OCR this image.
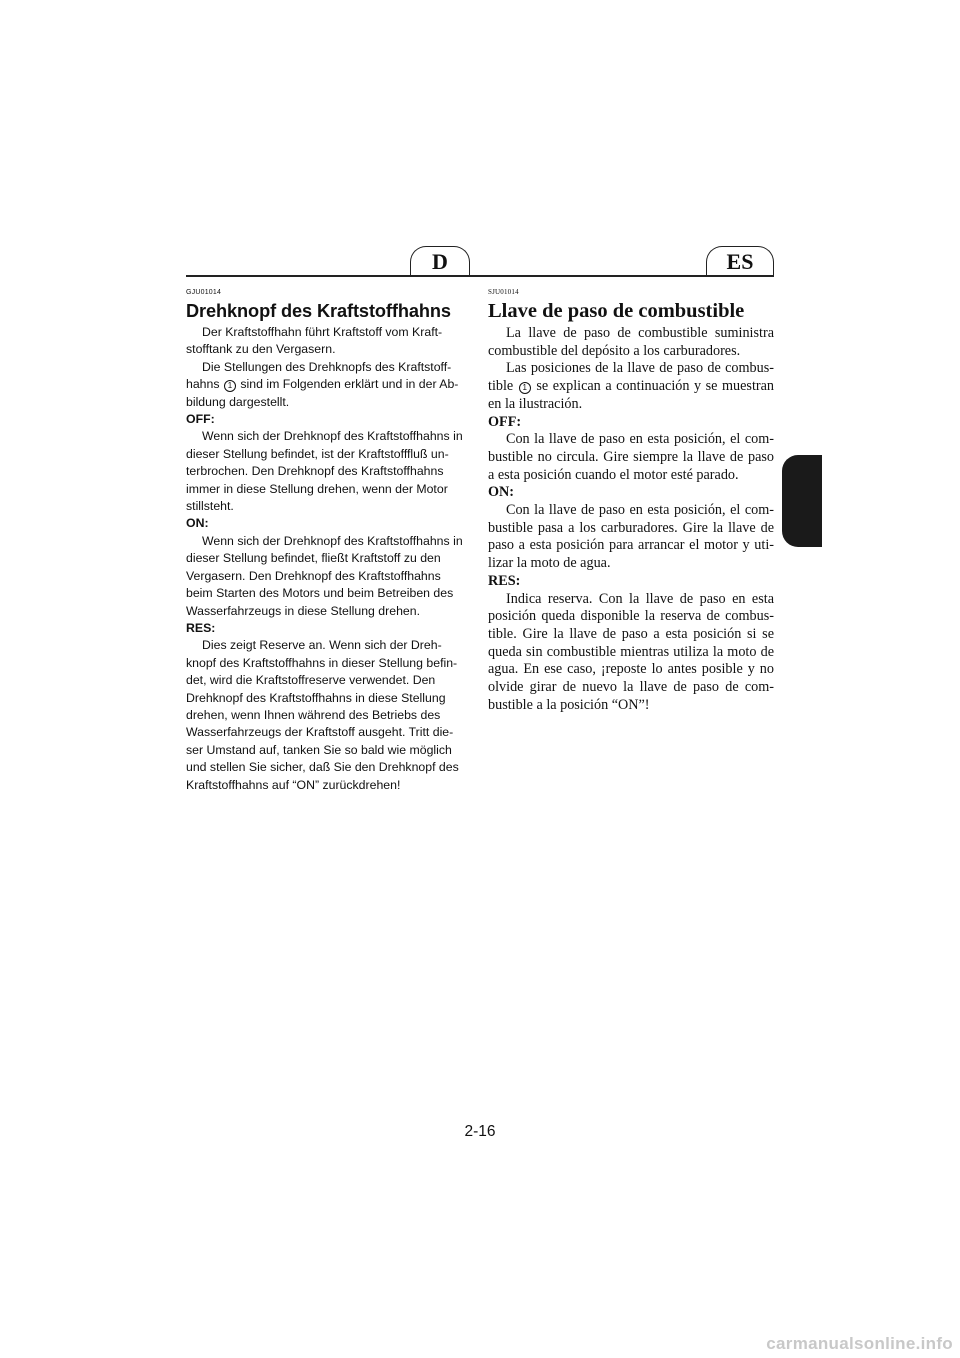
D	ES

GJU01014

Drehknopf des Kraftstoffhahns

Der Kraftstoffhahn führt Kraftstoff vom Kraft-stofftank zu den Vergasern.

Die Stellungen des Drehknopfs des Kraftstoff-hahns 1 sind im Folgenden erklärt und in der Ab-bildung dargestellt.

OFF:

Wenn sich der Drehknopf des Kraftstoffhahns in dieser Stellung befindet, ist der Kraftstofffluß un-terbrochen. Den Drehknopf des Kraftstoffhahns immer in diese Stellung drehen, wenn der Motor stillsteht.

ON:

Wenn sich der Drehknopf des Kraftstoffhahns in dieser Stellung befindet, fließt Kraftstoff zu den Vergasern. Den Drehknopf des Kraftstoffhahns beim Starten des Motors und beim Betreiben des Wasserfahrzeugs in diese Stellung drehen.

RES:

Dies zeigt Reserve an. Wenn sich der Dreh-knopf des Kraftstoffhahns in dieser Stellung befin-det, wird die Kraftstoffreserve verwendet. Den Drehknopf des Kraftstoffhahns in diese Stellung drehen, wenn Ihnen während des Betriebs des Wasserfahrzeugs der Kraftstoff ausgeht. Tritt die-ser Umstand auf, tanken Sie so bald wie möglich und stellen Sie sicher, daß Sie den Drehknopf des Kraftstoffhahns auf “ON” zurückdrehen!

SJU01014

Llave de paso de combustible

La llave de paso de combustible suministra combustible del depósito a los carburadores.

Las posiciones de la llave de paso de combus-tible 1 se explican a continuación y se muestran en la ilustración.

OFF:

Con la llave de paso en esta posición, el com-bustible no circula. Gire siempre la llave de paso a esta posición cuando el motor esté parado.

ON:

Con la llave de paso en esta posición, el com-bustible pasa a los carburadores. Gire la llave de paso a esta posición para arrancar el motor y uti-lizar la moto de agua.

RES:

Indica reserva. Con la llave de paso en esta posición queda disponible la reserva de combus-tible. Gire la llave de paso a esta posición si se queda sin combustible mientras utiliza la moto de agua. En ese caso, ¡reposte lo antes posible y no olvide girar de nuevo la llave de paso de com-bustible a la posición “ON”!

2-16
carmanualsonline.info
